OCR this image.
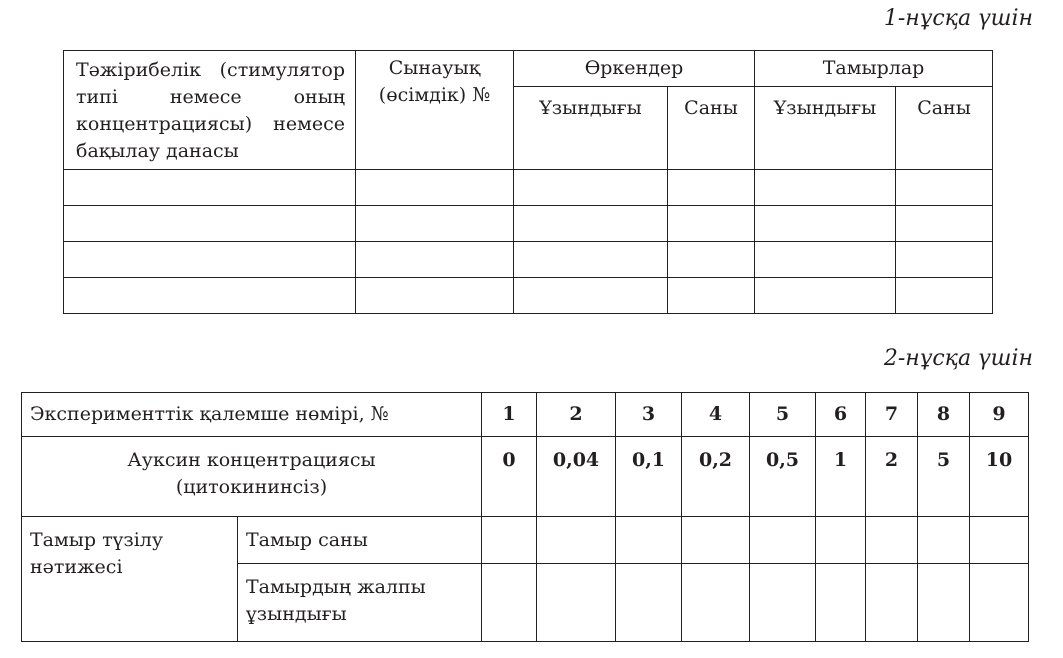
1-нұсқа үшін
Тәжірибелік (стимулятор типі немесе оның концентрациясы) немесе бақылау данасы	Сынауық (өсімдік) №	Өркендер		Тамырлар	
		Ұзындығы	Саны	Ұзындығы	Саны

2-нұсқа үшін
Эксперименттік қалемше нөмірі, №		1	2	3	4	5	6	7	8	9

Ауксин концентрациясы
(цитокининсіз)		0	0,04	0,1	0,2	0,5	1	2	5	10
Тамыр түзілу нәтижесі	Тамыр саны									
	Тамырдың жалпы ұзындығы									
